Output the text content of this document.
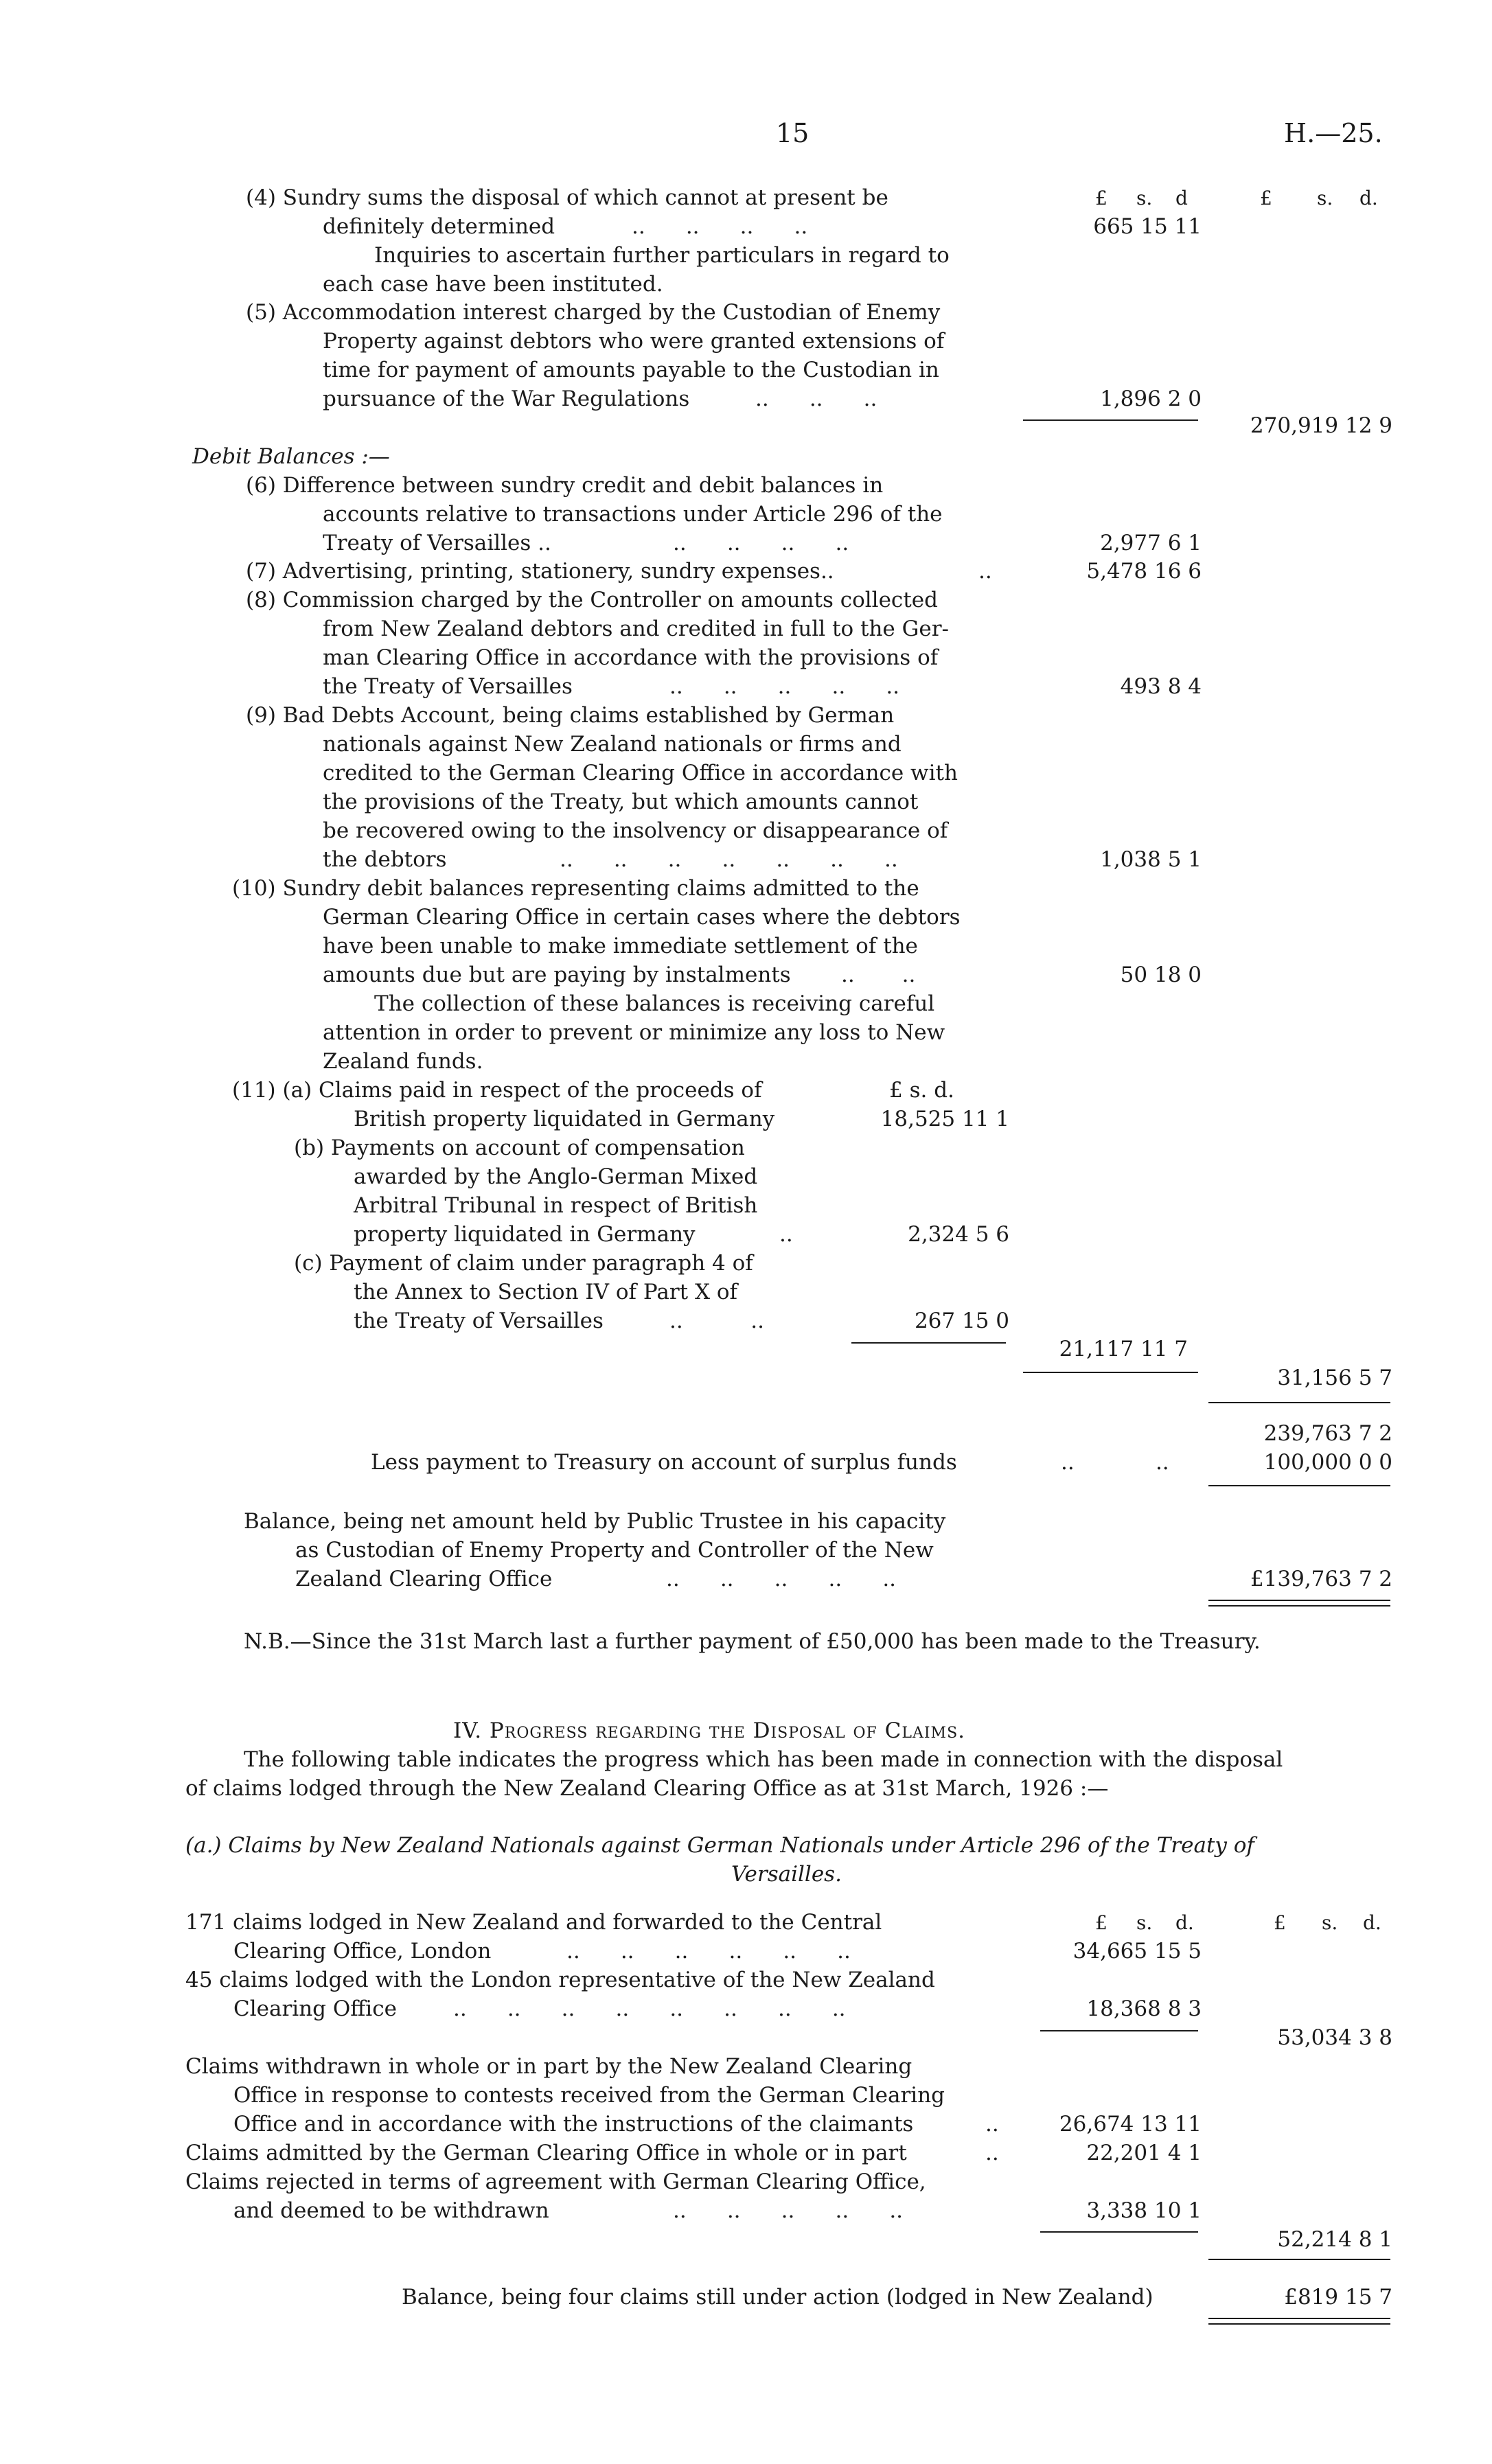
15	H.—25.
£ s. d	£ s. d.
(4) Sundry sums the disposal of which cannot at present be
definitely determined	..      ..      ..      ..	665 15 11
Inquiries to ascertain further particulars in regard to
each case have been instituted.
(5) Accommodation interest charged by the Custodian of Enemy
Property against debtors who were granted extensions of
time for payment of amounts payable to the Custodian in
pursuance of the War Regulations	..      ..      ..	1,896 2 0
270,919 12 9
Debit Balances :—
(6) Difference between sundry credit and debit balances in
accounts relative to transactions under Article 296 of the
Treaty of Versailles ..	..      ..      ..      ..	2,977 6 1
(7) Advertising, printing, stationery, sundry expenses..	..	5,478 16 6
(8) Commission charged by the Controller on amounts collected
from New Zealand debtors and credited in full to the Ger-
man Clearing Office in accordance with the provisions of
the Treaty of Versailles	..      ..      ..      ..      ..	493 8 4
(9) Bad Debts Account, being claims established by German
nationals against New Zealand nationals or firms and
credited to the German Clearing Office in accordance with
the provisions of the Treaty, but which amounts cannot
be recovered owing to the insolvency or disappearance of
the debtors	..      ..      ..      ..      ..      ..      ..	1,038 5 1
(10) Sundry debit balances representing claims admitted to the
German Clearing Office in certain cases where the debtors
have been unable to make immediate settlement of the
amounts due but are paying by instalments ..       ..	50 18 0
The collection of these balances is receiving careful
attention in order to prevent or minimize any loss to New
Zealand funds.
£ s. d.
(11) (a) Claims paid in respect of the proceeds of
British property liquidated in Germany	18,525 11 1
(b) Payments on account of compensation
awarded by the Anglo-German Mixed
Arbitral Tribunal in respect of British
property liquidated in Germany	..	2,324 5 6
(c) Payment of claim under paragraph 4 of
the Annex to Section IV of Part X of
the Treaty of Versailles	..          ..	267 15 0
21,117 11 7
31,156 5 7
239,763 7 2
Less payment to Treasury on account of surplus funds	..            ..	100,000 0 0
Balance, being net amount held by Public Trustee in his capacity
as Custodian of Enemy Property and Controller of the New
Zealand Clearing Office	..      ..      ..      ..      ..	£139,763 7 2
N.B.—Since the 31st March last a further payment of £50,000 has been made to the Treasury.
IV. Progress regarding the Disposal of Claims.
The following table indicates the progress which has been made in connection with the disposal
of claims lodged through the New Zealand Clearing Office as at 31st March, 1926 :—
(a.) Claims by New Zealand Nationals against German Nationals under Article 296 of the Treaty of
Versailles.
£ s. d.	£ s. d.
171 claims lodged in New Zealand and forwarded to the Central
Clearing Office, London	..      ..      ..      ..      ..      ..	34,665 15 5
45 claims lodged with the London representative of the New Zealand
Clearing Office	..      ..      ..      ..      ..      ..      ..      ..	18,368 8 3
53,034 3 8
Claims withdrawn in whole or in part by the New Zealand Clearing
Office in response to contests received from the German Clearing
Office and in accordance with the instructions of the claimants	..	26,674 13 11
Claims admitted by the German Clearing Office in whole or in part	..	22,201 4 1
Claims rejected in terms of agreement with German Clearing Office,
and deemed to be withdrawn	..      ..      ..      ..      ..	3,338 10 1
52,214 8 1
Balance, being four claims still under action (lodged in New Zealand)	£819 15 7
